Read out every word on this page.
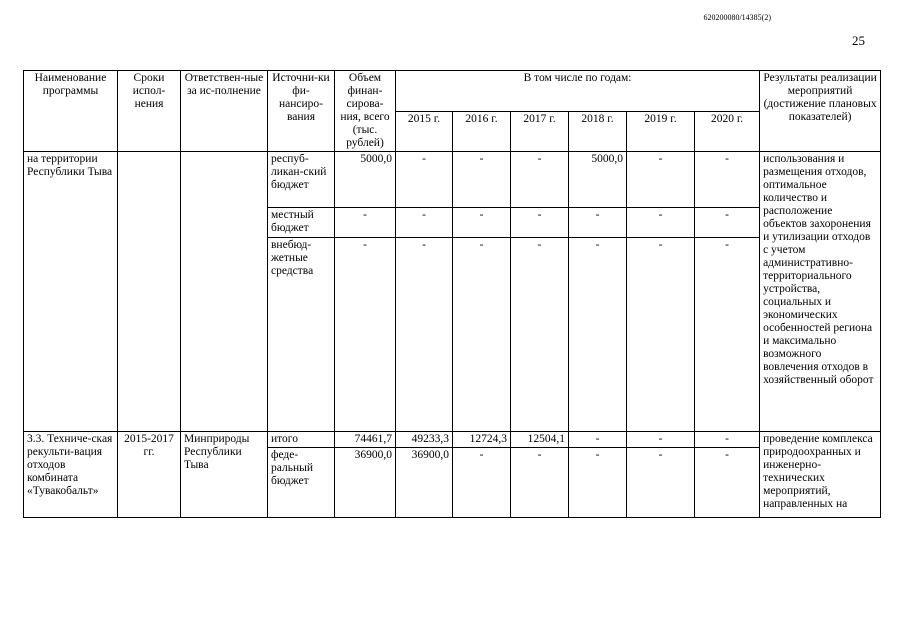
620200080/14385(2)
25
Наименование программы	Сроки испол-нения	Ответствен-ные за ис-полнение	Источни-ки фи-нансиро-вания	Объем финан-сирова-ния, всего (тыс. рублей)	В том числе по годам:						Результаты реализации мероприятий (достижение плановых показателей)
					2015 г.	2016 г.	2017 г.	2018 г.	2019 г.	2020 г.	
на территории Республики Тыва			респуб-ликан-ский бюджет	5000,0	-	-	-	5000,0	-	-	использования и размещения отходов, оптимальное количество и расположение объектов захоронения и утилизации отходов с учетом административно-территориального устройства, социальных и экономических особенностей региона и максимально возможного вовлечения отходов в хозяйственный оборот
			местный бюджет	-	-	-	-	-	-	-	
			внебюд-жетные средства	-	-	-	-	-	-	-	
3.3. Техниче-ская рекульти-вация отходов комбината «Тувакобальт»	2015-2017 гг.	Минприроды Республики Тыва	итого	74461,7	49233,3	12724,3	12504,1	-	-	-	проведение комплекса природоохранных и инженерно-технических мероприятий, направленных на
			феде-ральный бюджет	36900,0	36900,0	-	-	-	-	-	
